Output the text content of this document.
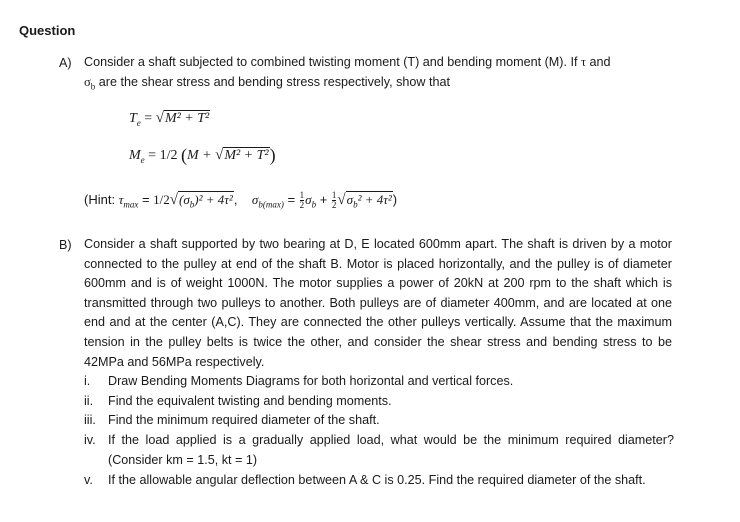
Question
A) Consider a shaft subjected to combined twisting moment (T) and bending moment (M). If τ and
$\sigma_b$ are the shear stress and bending stress respectively, show that
$T_e = √M^2 + T^2$
$M_e = 1/2$ (M + √M² + T²)
(Hint: $\tau_{max} = 1/2√(\sigma_b)^2 + 4\tau^2$,    $\sigma_{b(max)} = \frac{1}{2} \sigma_b + \frac{1}{2} √\sigma_b^2 + 4\tau^2$)
B) Consider a shaft supported by two bearing at D, E located 600mm apart. The shaft is driven by a motor connected to the pulley at end of the shaft B. Motor is placed horizontally, and the pulley is of diameter 600mm and is of weight 1000N. The motor supplies a power of 20kN at 200 rpm to the shaft which is transmitted through two pulleys to another. Both pulleys are of diameter 400mm, and are located at one end and at the center (A,C). They are connected the other pulleys vertically. Assume that the maximum tension in the pulley belts is twice the other, and consider the shear stress and bending stress to be 42MPa and 56MPa respectively.
i.	Draw Bending Moments Diagrams for both horizontal and vertical forces.
ii.	Find the equivalent twisting and bending moments.
iii. Find the minimum required diameter of the shaft.
iv. If the load applied is a gradually applied load, what would be the minimum required diameter? (Consider km = 1.5, kt = 1)
v.	If the allowable angular deflection between A & C is 0.25. Find the required diameter of the shaft.
